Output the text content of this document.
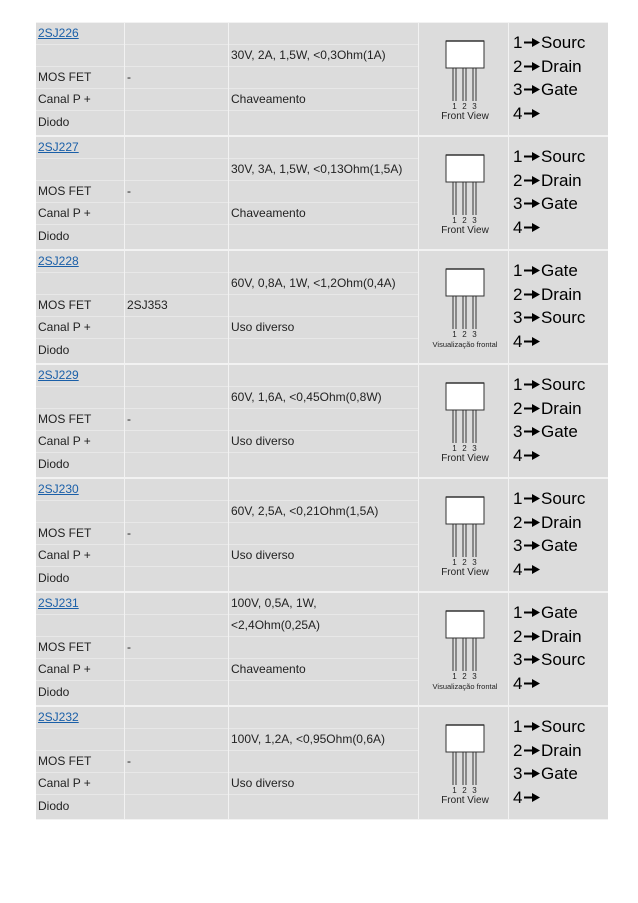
2SJ226
MOS FET
Canal P +
Diodo
-
30V, 2A, 1,5W, <0,3Ohm(1A)
Chaveamento
1 2 3
Front View
1 Sourc
2 Drain
3 Gate
4
2SJ227
MOS FET
Canal P +
Diodo
-
30V, 3A, 1,5W, <0,13Ohm(1,5A)
Chaveamento
1 2 3
Front View
1 Sourc
2 Drain
3 Gate
4
2SJ228
MOS FET
Canal P +
Diodo
2SJ353
60V, 0,8A, 1W, <1,2Ohm(0,4A)
Uso diverso
1 2 3
Visualização frontal
1 Gate
2 Drain
3 Sourc
4
2SJ229
MOS FET
Canal P +
Diodo
-
60V, 1,6A, <0,45Ohm(0,8W)
Uso diverso
1 2 3
Front View
1 Sourc
2 Drain
3 Gate
4
2SJ230
MOS FET
Canal P +
Diodo
-
60V, 2,5A, <0,21Ohm(1,5A)
Uso diverso
1 2 3
Front View
1 Sourc
2 Drain
3 Gate
4
2SJ231
MOS FET
Canal P +
Diodo
-
100V, 0,5A, 1W,
<2,4Ohm(0,25A)
Chaveamento
1 2 3
Visualização frontal
1 Gate
2 Drain
3 Sourc
4
2SJ232
MOS FET
Canal P +
Diodo
-
100V, 1,2A, <0,95Ohm(0,6A)
Uso diverso
1 2 3
Front View
1 Sourc
2 Drain
3 Gate
4
